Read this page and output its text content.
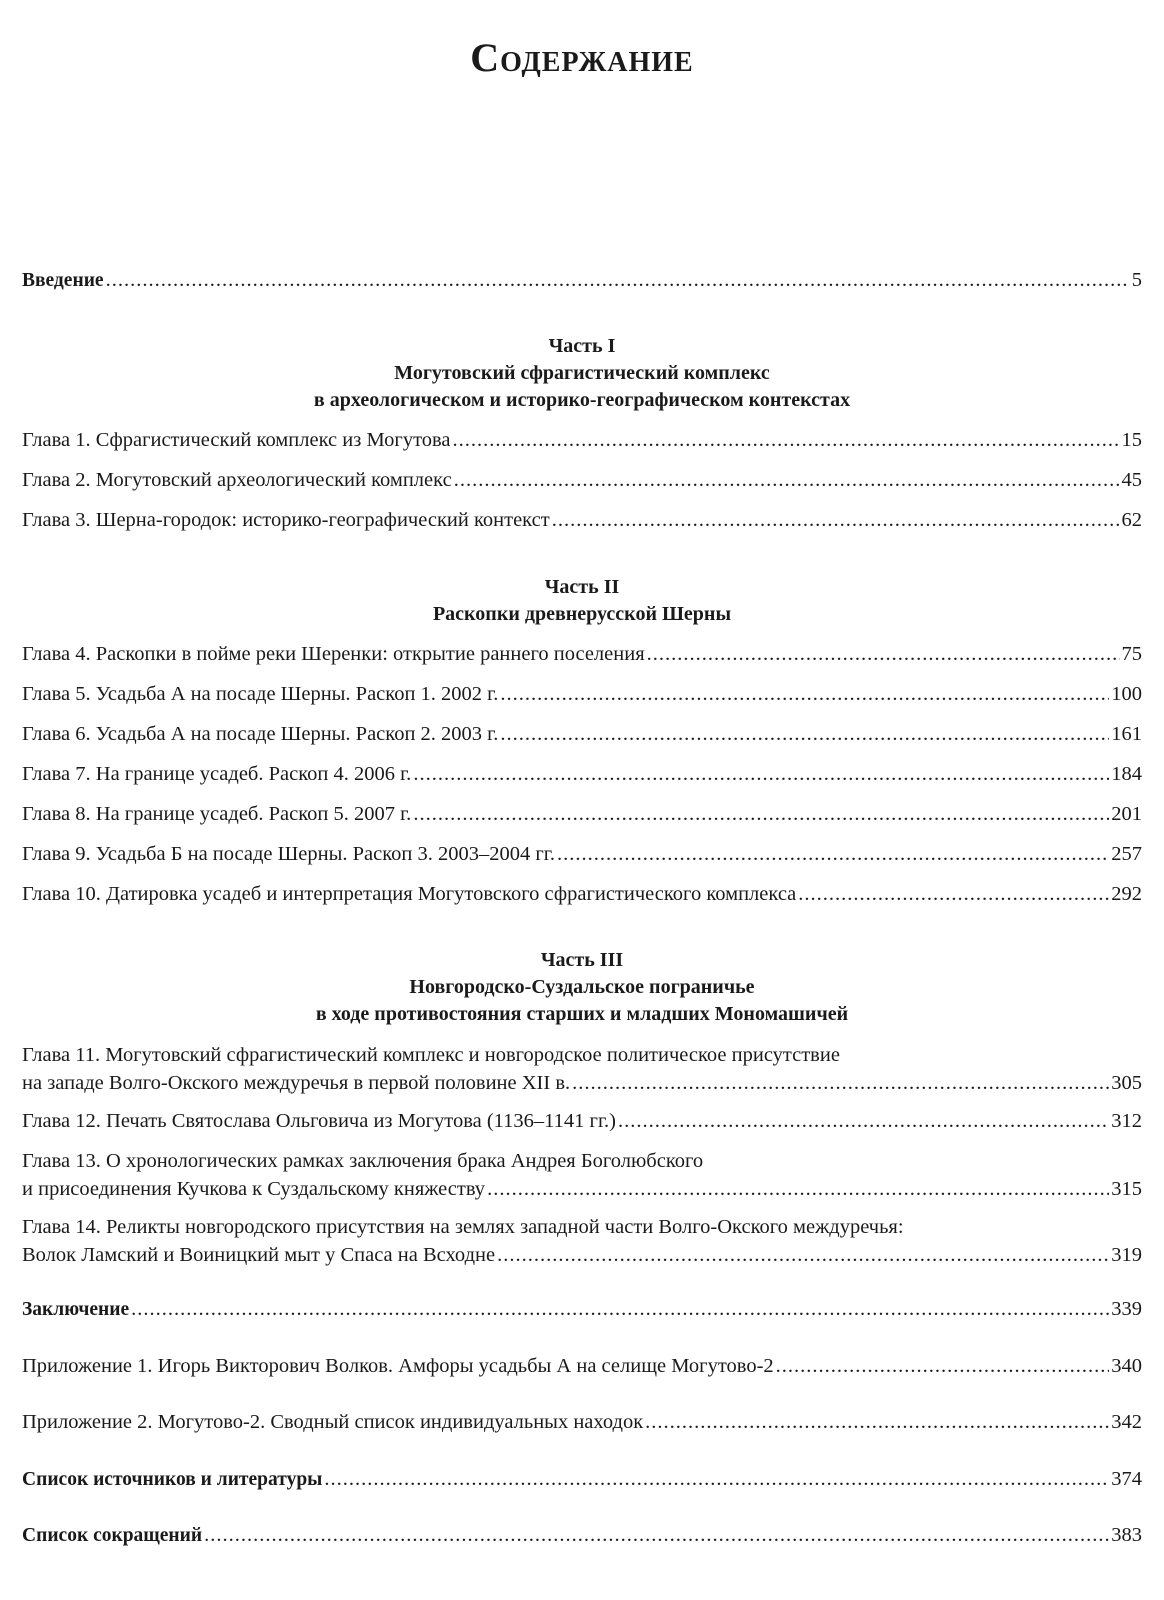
Содержание
Введение .....	5
Часть I
Могутовский сфрагистический комплекс
в археологическом и историко-географическом контекстах
Глава 1. Сфрагистический комплекс из Могутова .....	15
Глава 2. Могутовский археологический комплекс .....	45
Глава 3. Шерна-городок: историко-географический контекст .....	62
Часть II
Раскопки древнерусской Шерны
Глава 4. Раскопки в пойме реки Шеренки: открытие раннего поселения .....	75
Глава 5. Усадьба А на посаде Шерны. Раскоп 1. 2002 г. .....	100
Глава 6. Усадьба А на посаде Шерны. Раскоп 2. 2003 г. .....	161
Глава 7. На границе усадеб. Раскоп 4. 2006 г. .....	184
Глава 8. На границе усадеб. Раскоп 5. 2007 г. .....	201
Глава 9. Усадьба Б на посаде Шерны. Раскоп 3. 2003–2004 гг. .....	257
Глава 10. Датировка усадеб и интерпретация Могутовского сфрагистического комплекса .....	292
Часть III
Новгородско-Суздальское пограничье
в ходе противостояния старших и младших Мономашичей
Глава 11. Могутовский сфрагистический комплекс и новгородское политическое присутствие
на западе Волго-Окского междуречья в первой половине XII в. .....	305
Глава 12. Печать Святослава Ольговича из Могутова (1136–1141 гг.) .....	312
Глава 13. О хронологических рамках заключения брака Андрея Боголюбского
и присоединения Кучкова к Суздальскому княжеству .....	315
Глава 14. Реликты новгородского присутствия на землях западной части Волго-Окского междуречья:
Волок Ламский и Воиницкий мыт у Спаса на Всходне .....	319
Заключение .....	339
Приложение 1. Игорь Викторович Волков. Амфоры усадьбы А на селище Могутово-2 .....	340
Приложение 2. Могутово-2. Сводный список индивидуальных находок .....	342
Список источников и литературы .....	374
Список сокращений .....	383
